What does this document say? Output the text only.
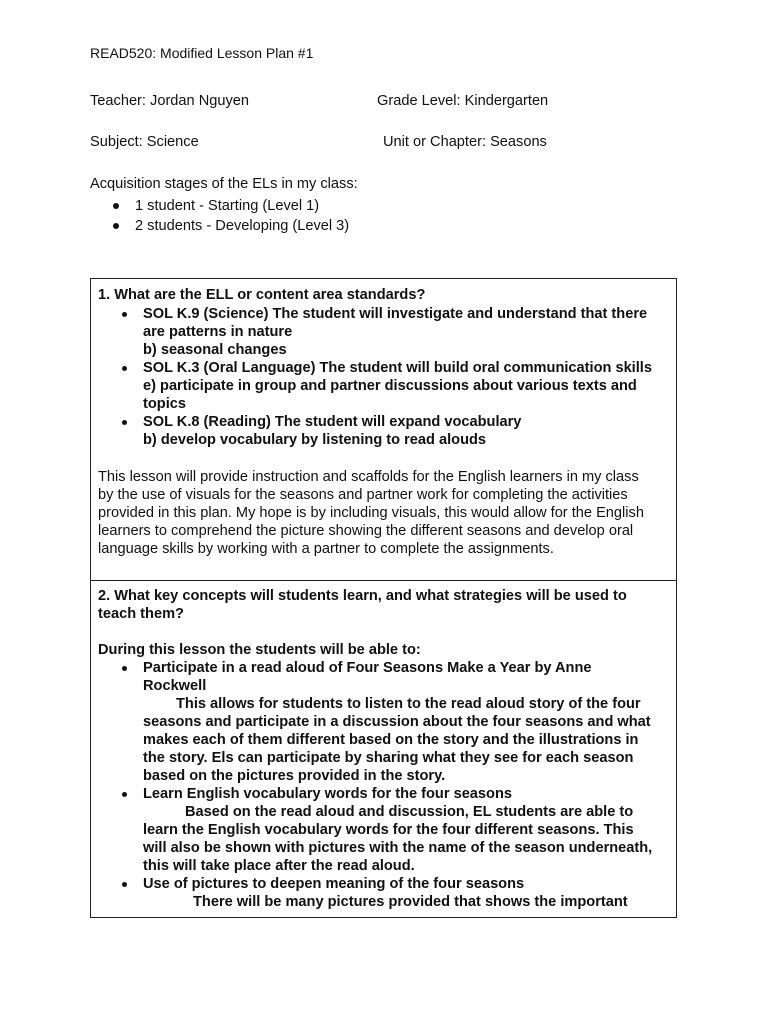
READ520: Modified Lesson Plan #1
Teacher: Jordan Nguyen	Grade Level: Kindergarten
Subject: Science	Unit or Chapter: Seasons
Acquisition stages of the ELs in my class:
1 student - Starting (Level 1)
2 students - Developing (Level 3)
1. What are the ELL or content area standards?
SOL K.9 (Science) The student will investigate and understand that there
are patterns in nature
b) seasonal changes
SOL K.3 (Oral Language) The student will build oral communication skills
e) participate in group and partner discussions about various texts and
topics
SOL K.8 (Reading) The student will expand vocabulary
b) develop vocabulary by listening to read alouds
This lesson will provide instruction and scaffolds for the English learners in my class
by the use of visuals for the seasons and partner work for completing the activities
provided in this plan. My hope is by including visuals, this would allow for the English
learners to comprehend the picture showing the different seasons and develop oral
language skills by working with a partner to complete the assignments.
2. What key concepts will students learn, and what strategies will be used to
teach them?
During this lesson the students will be able to:
Participate in a read aloud of Four Seasons Make a Year by Anne
Rockwell
This allows for students to listen to the read aloud story of the four
seasons and participate in a discussion about the four seasons and what
makes each of them different based on the story and the illustrations in
the story. Els can participate by sharing what they see for each season
based on the pictures provided in the story.
Learn English vocabulary words for the four seasons
Based on the read aloud and discussion, EL students are able to
learn the English vocabulary words for the four different seasons. This
will also be shown with pictures with the name of the season underneath,
this will take place after the read aloud.
Use of pictures to deepen meaning of the four seasons
There will be many pictures provided that shows the important
